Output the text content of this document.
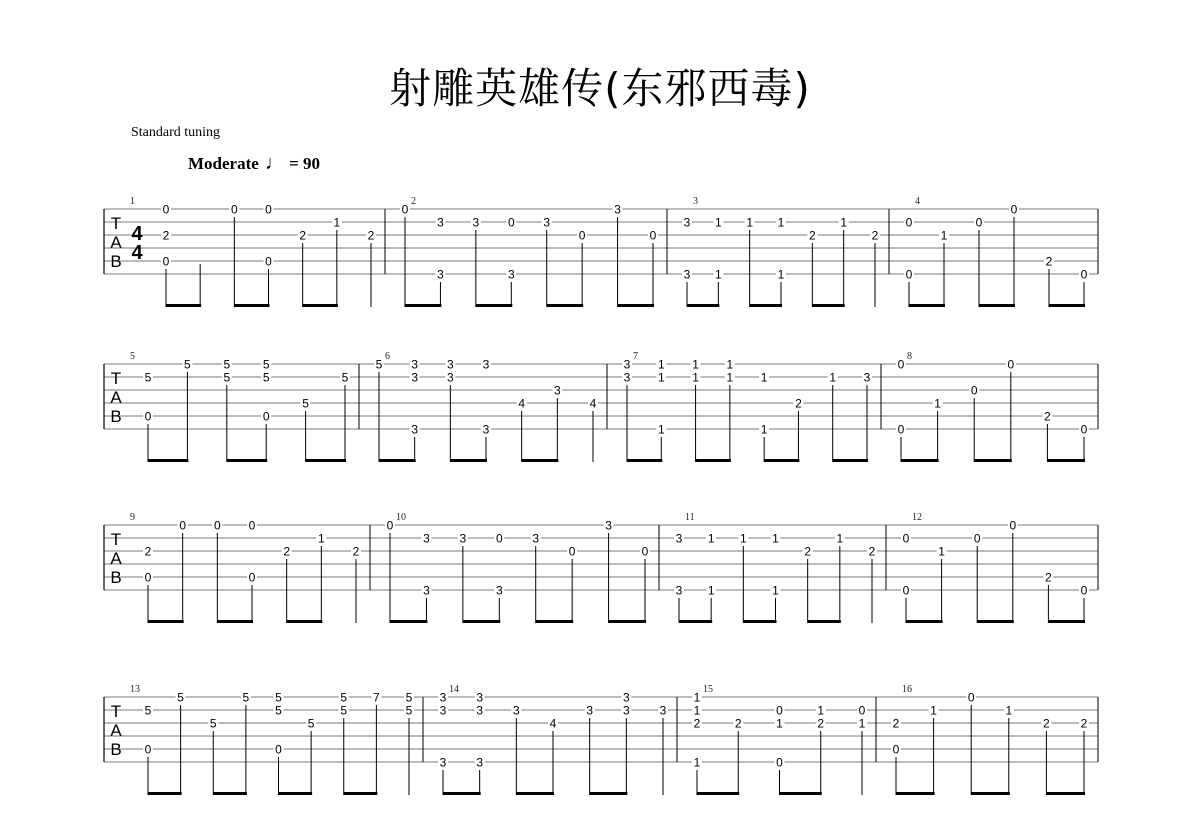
射雕英雄传(东邪西毒)
Standard tuning
Moderate ♩ = 90
T
A
B
4
4
1
0
2
0
0 0
0
2
1
2
2
0
3
3
3 0
3
3
0
3
0
3
3
3
1
1
1 1
1
2
1
2
4
0
0
1
0
0
2
0
T
A
B
5
5
0
5	5
5
5
5
0
5
5
6
5 3
3
3
3
3
3
3
4
3
4
7
3
3
1
1
1
1
1
1
1 1
1
2
1 3
8
0
0
1
0
0
2
0
T
A
B
9
2
0
0 0 0
0
2
1
2
10
0
3
3
3 0
3
3
0
3
0
11
3
3
1
1
1 1
1
2
1
2
12
0
0
1
0
0
2
0
T
A
B
13
5
0
5
5
5 5
5
0
5
5
5 7 5
5
14
3
3
3
3
3
3
3
4
3
3
3 3
15
1
1
2
1
2
0
1
0
1
2
0
1
16
2
0
1
0
1
2	2
